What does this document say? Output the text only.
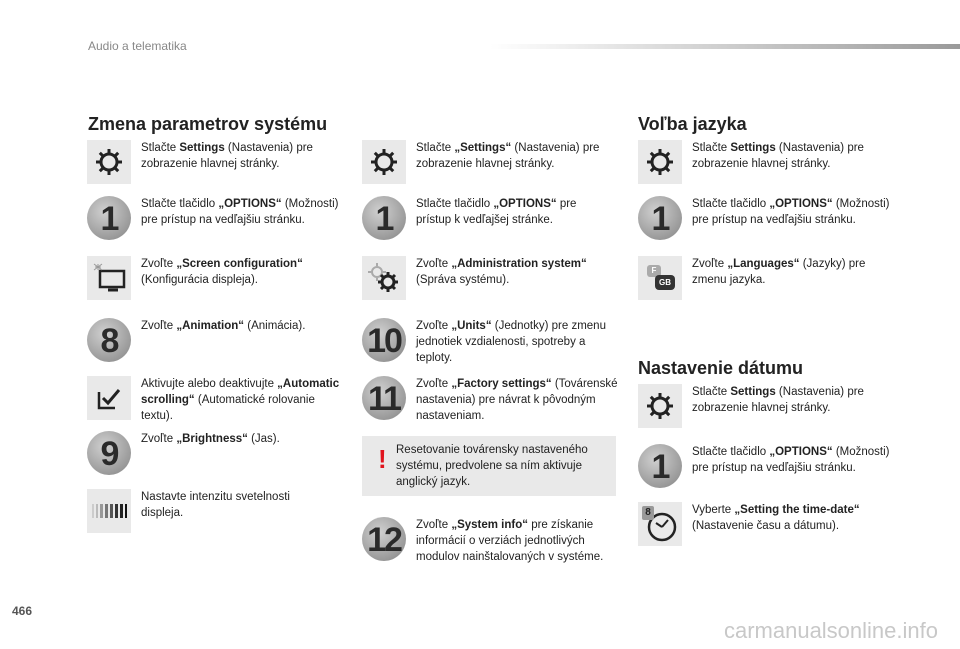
Audio a telematika
Zmena parametrov systému	Voľba jazyka
Nastavenie dátumu
Stlačte Settings (Nastavenia) pre zobrazenie hlavnej stránky.
1	Stlačte tlačidlo „OPTIONS“ (Možnosti) pre prístup na vedľajšiu stránku.
Zvoľte „Screen configuration“ (Konfigurácia displeja).
8	Zvoľte „Animation“ (Animácia).
Aktivujte alebo deaktivujte „Automatic scrolling“ (Automatické rolovanie textu).
9	Zvoľte „Brightness“ (Jas).
Nastavte intenzitu svetelnosti displeja.
Stlačte „Settings“ (Nastavenia) pre zobrazenie hlavnej stránky.
1	Stlačte tlačidlo „OPTIONS“ pre prístup k vedľajšej stránke.
Zvoľte „Administration system“ (Správa systému).
10	Zvoľte „Units“ (Jednotky) pre zmenu jednotiek vzdialenosti, spotreby a teploty.
11	Zvoľte „Factory settings“ (Továrenské nastavenia) pre návrat k pôvodným nastaveniam.
! Resetovanie továrensky nastaveného systému, predvolene sa ním aktivuje anglický jazyk.
12	Zvoľte „System info“ pre získanie informácií o verziách jednotlivých modulov nainštalovaných v systéme.
Stlačte Settings (Nastavenia) pre zobrazenie hlavnej stránky.
1	Stlačte tlačidlo „OPTIONS“ (Možnosti) pre prístup na vedľajšiu stránku.
F
GB
Zvoľte „Languages“ (Jazyky) pre zmenu jazyka.
Stlačte Settings (Nastavenia) pre zobrazenie hlavnej stránky.
1	Stlačte tlačidlo „OPTIONS“ (Možnosti) pre prístup na vedľajšiu stránku.
8	Vyberte „Setting the time-date“ (Nastavenie času a dátumu).
466
carmanualsonline.info
